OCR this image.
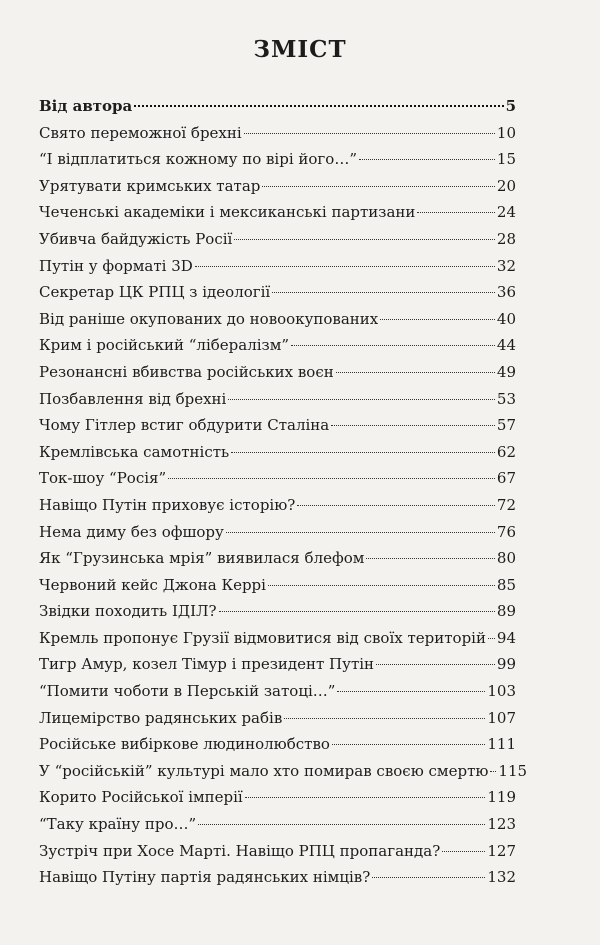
ЗМІСТ
Від автора	5
Свято переможної брехні	10
“І відплатиться кожному по вірі його…”	15
Урятувати кримських татар	20
Чеченські академіки і мексиканські партизани	24
Убивча байдужість Росії	28
Путін у форматі 3D	32
Секретар ЦК РПЦ з ідеології	36
Від раніше окупованих до новоокупованих	40
Крим і російський “лібералізм”	44
Резонансні вбивства російських воєн	49
Позбавлення від брехні	53
Чому Гітлер встиг обдурити Сталіна	57
Кремлівська самотність	62
Ток-шоу “Росія”	67
Навіщо Путін приховує історію?	72
Нема диму без офшору	76
Як “Грузинська мрія” виявилася блефом	80
Червоний кейс Джона Керрі	85
Звідки походить ІДІЛ?	89
Кремль пропонує Грузії відмовитися від своїх територій 94
Тигр Амур, козел Тімур і президент Путін	99
“Помити чоботи в Перській затоці…”	103
Лицемірство радянських рабів	107
Російське вибіркове людинолюбство	111
У “російській” культурі мало хто помирав своєю смертю 115
Корито Російської імперії	119
“Таку країну про…”	123
Зустріч при Хосе Марті. Навіщо РПЦ пропаганда?	127
Навіщо Путіну партія радянських німців?	132
